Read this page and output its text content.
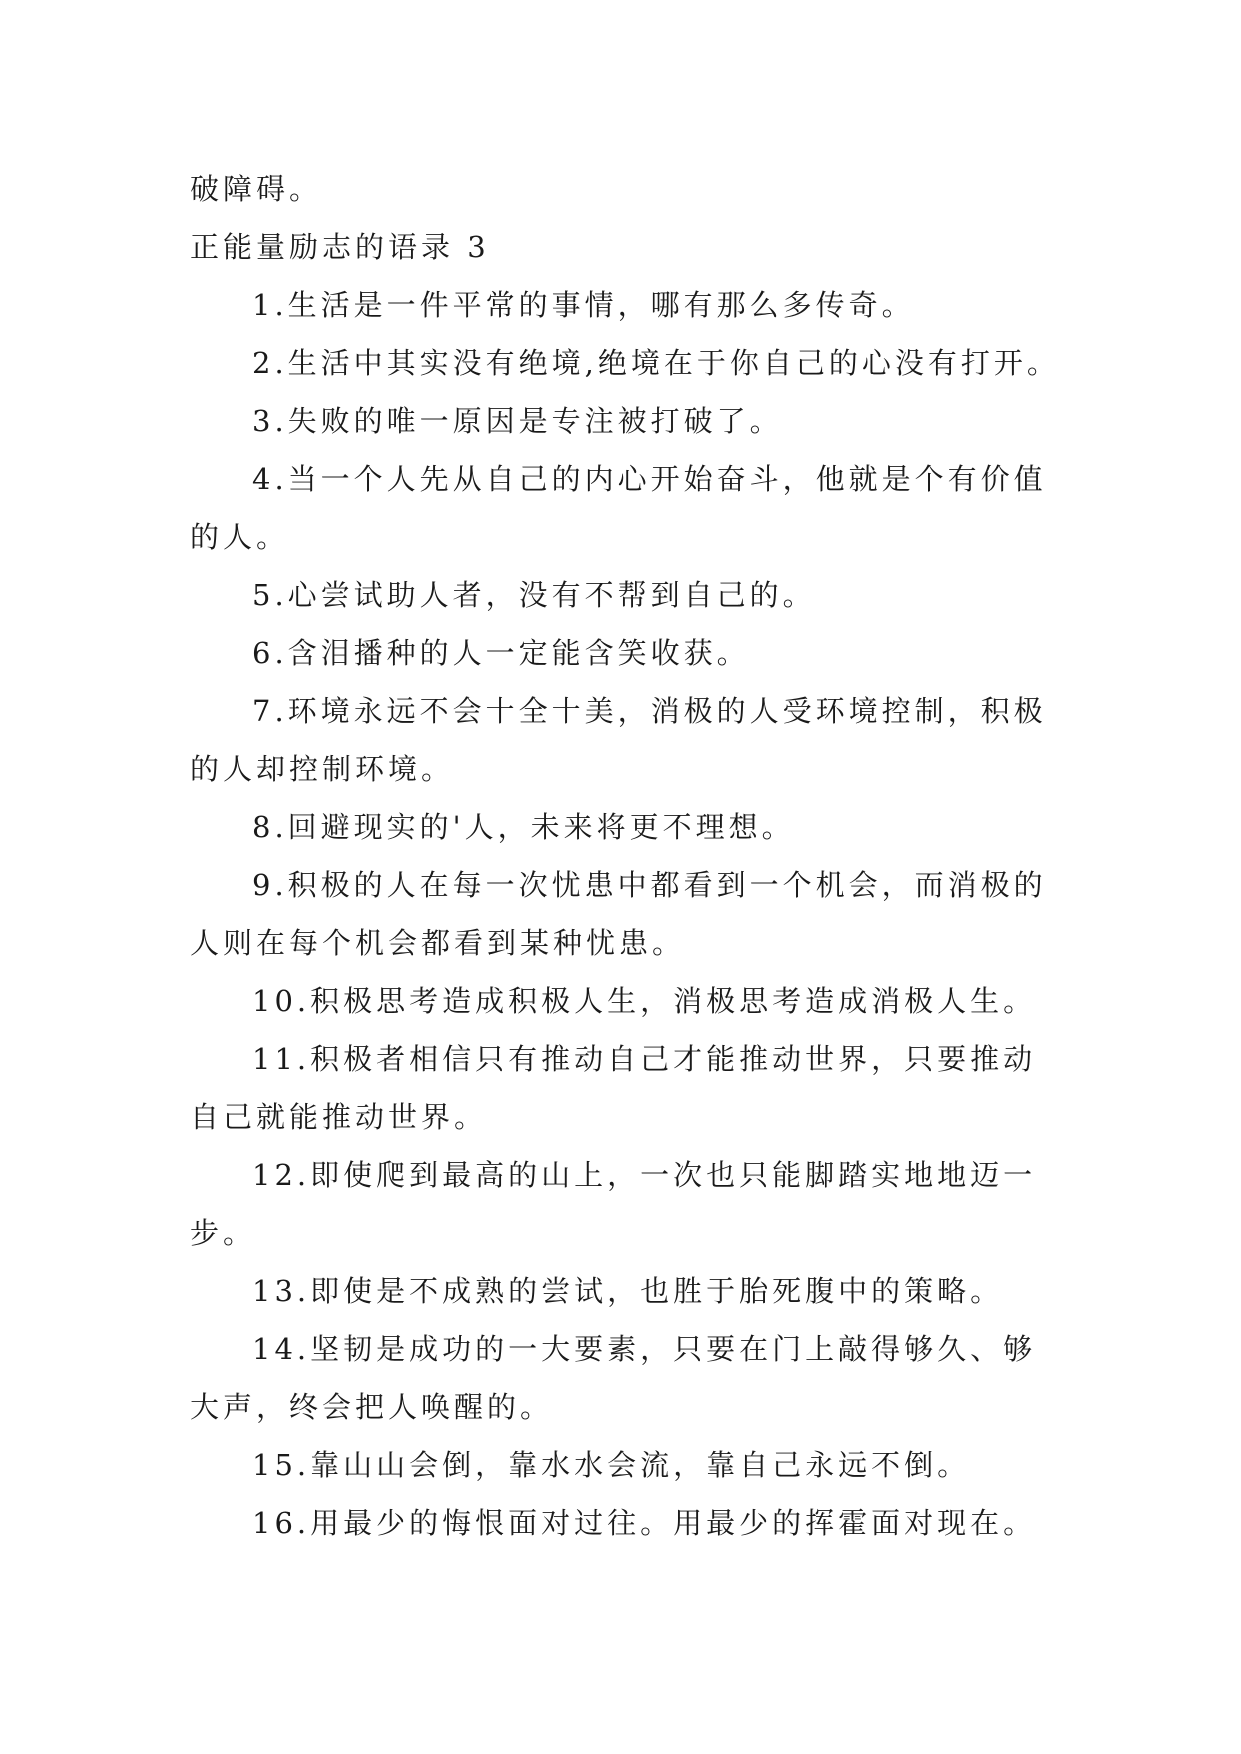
破障碍。

正能量励志的语录 3

1.生活是一件平常的事情，哪有那么多传奇。

2.生活中其实没有绝境,绝境在于你自己的心没有打开。

3.失败的唯一原因是专注被打破了。

4.当一个人先从自己的内心开始奋斗，他就是个有价值

的人。

5.心尝试助人者，没有不帮到自己的。

6.含泪播种的人一定能含笑收获。

7.环境永远不会十全十美，消极的人受环境控制，积极

的人却控制环境。

8.回避现实的'人，未来将更不理想。

9.积极的人在每一次忧患中都看到一个机会，而消极的

人则在每个机会都看到某种忧患。

10.积极思考造成积极人生，消极思考造成消极人生。

11.积极者相信只有推动自己才能推动世界，只要推动

自己就能推动世界。

12.即使爬到最高的山上，一次也只能脚踏实地地迈一

步。

13.即使是不成熟的尝试，也胜于胎死腹中的策略。

14.坚韧是成功的一大要素，只要在门上敲得够久、够

大声，终会把人唤醒的。

15.靠山山会倒，靠水水会流，靠自己永远不倒。

16.用最少的悔恨面对过往。用最少的挥霍面对现在。
